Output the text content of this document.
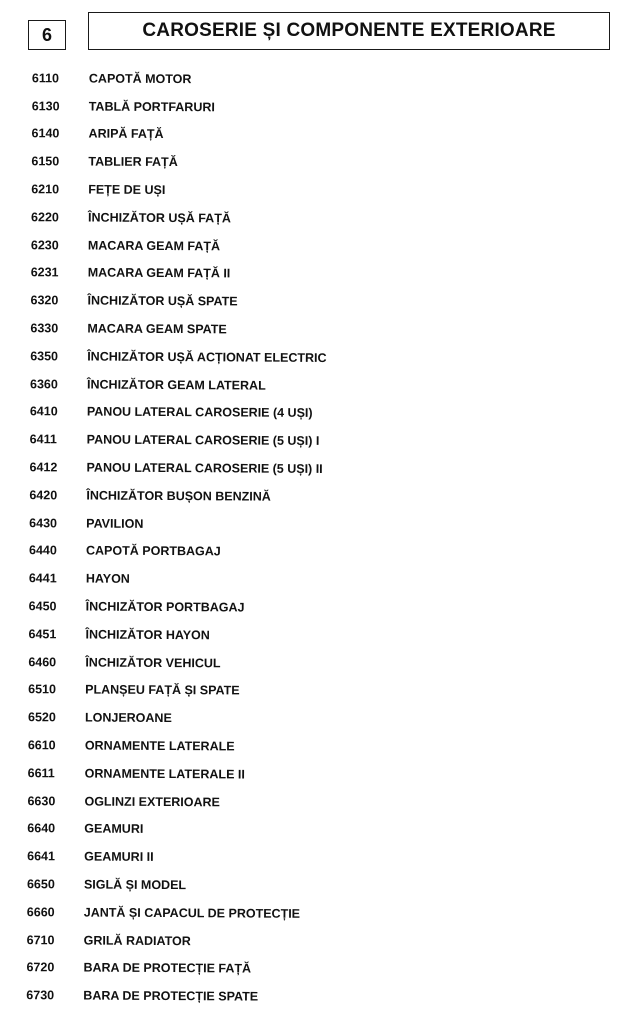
6	CAROSERIE ȘI COMPONENTE EXTERIOARE
6110	CAPOTĂ MOTOR
6130	TABLĂ PORTFARURI
6140	ARIPĂ FAȚĂ
6150	TABLIER FAȚĂ
6210	FEȚE DE UȘI
6220	ÎNCHIZĂTOR UȘĂ FAȚĂ
6230	MACARA GEAM FAȚĂ
6231	MACARA GEAM FAȚĂ II
6320	ÎNCHIZĂTOR UȘĂ SPATE
6330	MACARA GEAM SPATE
6350	ÎNCHIZĂTOR UȘĂ ACȚIONAT ELECTRIC
6360	ÎNCHIZĂTOR GEAM LATERAL
6410	PANOU LATERAL CAROSERIE (4 UȘI)
6411	PANOU LATERAL CAROSERIE (5 UȘI) I
6412	PANOU LATERAL CAROSERIE (5 UȘI) II
6420	ÎNCHIZĂTOR BUȘON BENZINĂ
6430	PAVILION
6440	CAPOTĂ PORTBAGAJ
6441	HAYON
6450	ÎNCHIZĂTOR PORTBAGAJ
6451	ÎNCHIZĂTOR HAYON
6460	ÎNCHIZĂTOR VEHICUL
6510	PLANȘEU FAȚĂ ȘI SPATE
6520	LONJEROANE
6610	ORNAMENTE LATERALE
6611	ORNAMENTE LATERALE II
6630	OGLINZI EXTERIOARE
6640	GEAMURI
6641	GEAMURI II
6650	SIGLĂ ȘI MODEL
6660	JANTĂ ȘI CAPACUL DE PROTECȚIE
6710	GRILĂ RADIATOR
6720	BARA DE PROTECȚIE FAȚĂ
6730	BARA DE PROTECȚIE SPATE
